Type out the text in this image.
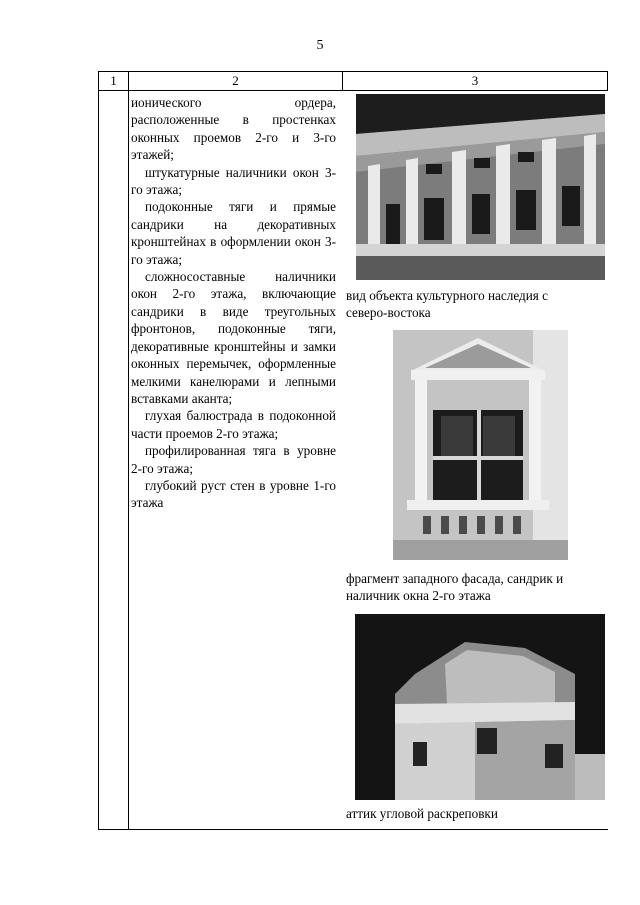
5
1	2	3

ионического ордера, расположенные в простенках оконных проемов 2-го и 3-го этажей;

штукатурные наличники окон 3-го этажа;

подоконные тяги и прямые сандрики на декоративных кронштейнах в оформлении окон 3-го этажа;

сложносоставные наличники окон 2-го этажа, включающие сандрики в виде треугольных фронтонов, подоконные тяги, декоративные кронштейны и замки оконных перемычек, оформленные мелкими канелюрами и лепными вставками аканта;

глухая балюстрада в подоконной части проемов 2-го этажа;

профилированная тяга в уровне 2-го этажа;

глубокий руст стен в уровне 1-го этажа

вид объекта культурного наследия с северо-востока
фрагмент западного фасада, сандрик и наличник окна 2-го этажа
аттик угловой раскреповки
